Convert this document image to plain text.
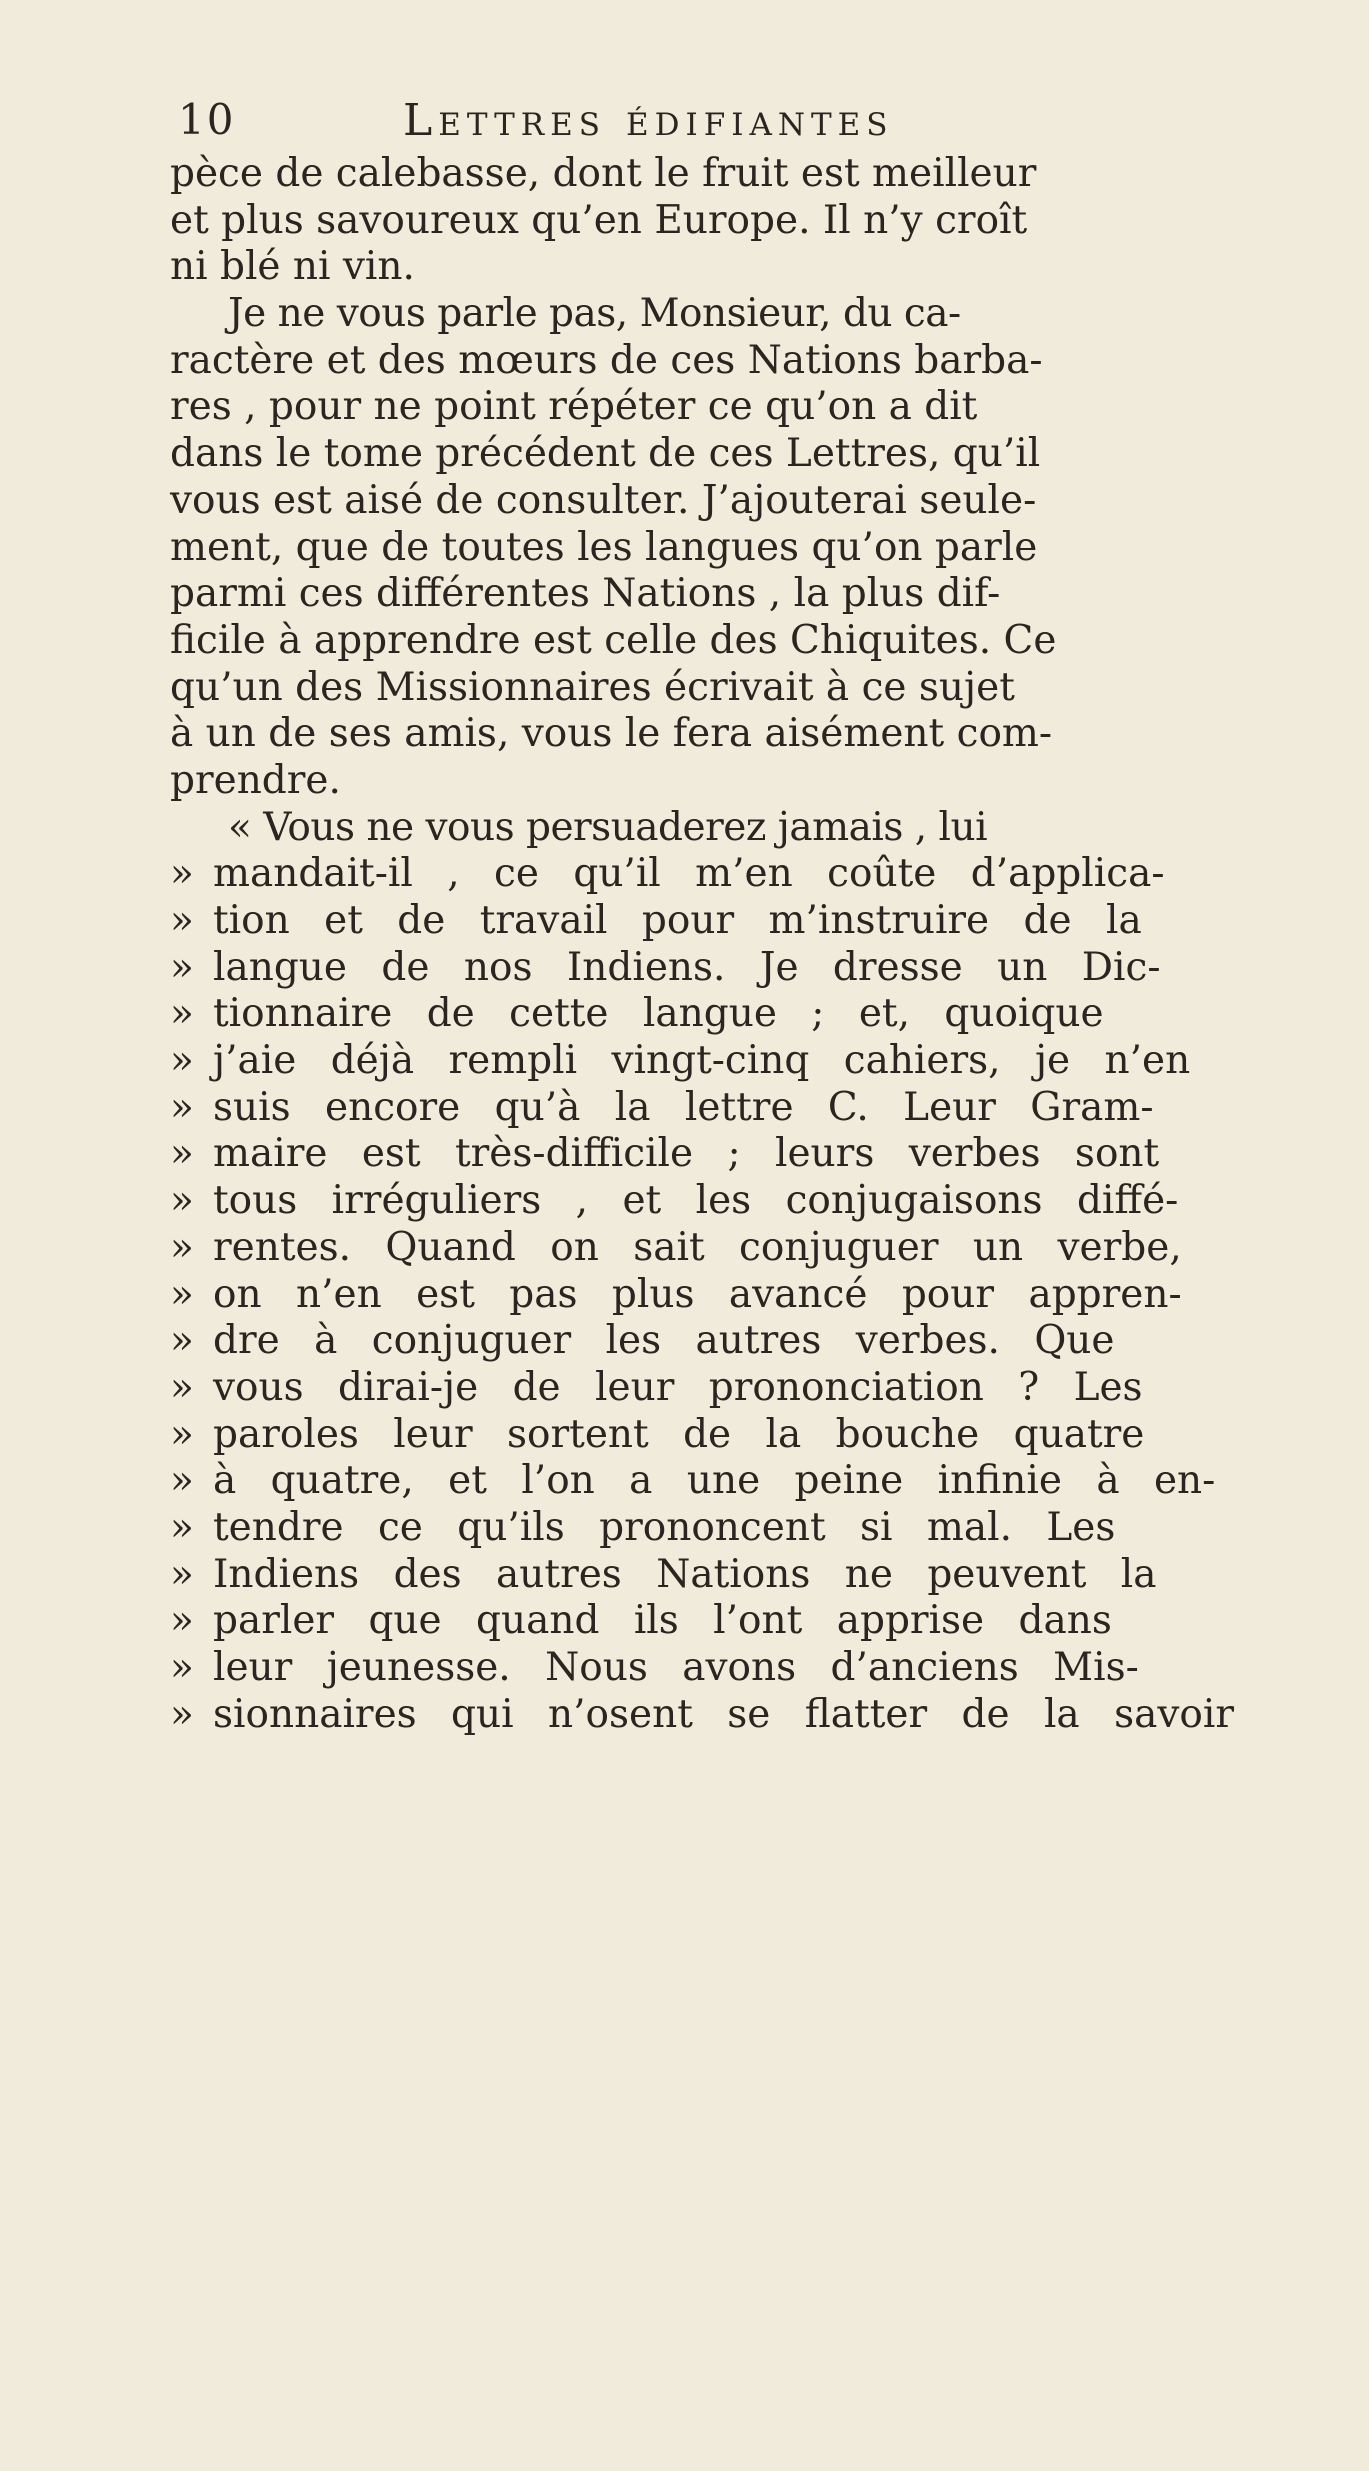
10	Lettres édifiantes
pèce de calebasse, dont le fruit est meilleur
et plus savoureux qu’en Europe. Il n’y croît
ni blé ni vin.
Je ne vous parle pas, Monsieur, du ca-
ractère et des mœurs de ces Nations barba-
res , pour ne point répéter ce qu’on a dit
dans le tome précédent de ces Lettres, qu’il
vous est aisé de consulter. J’ajouterai seule-
ment, que de toutes les langues qu’on parle
parmi ces différentes Nations , la plus dif-
ficile à apprendre est celle des Chiquites. Ce
qu’un des Missionnaires écrivait à ce sujet
à un de ses amis, vous le fera aisément com-
prendre.
« Vous ne vous persuaderez jamais , lui
» mandait-il , ce qu’il m’en coûte d’applica-
» tion et de travail pour m’instruire de la
» langue de nos Indiens. Je dresse un Dic-
» tionnaire de cette langue ; et, quoique
» j’aie déjà rempli vingt-cinq cahiers, je n’en
» suis encore qu’à la lettre C. Leur Gram-
» maire est très-difficile ; leurs verbes sont
» tous irréguliers , et les conjugaisons diffé-
» rentes. Quand on sait conjuguer un verbe,
» on n’en est pas plus avancé pour appren-
» dre à conjuguer les autres verbes. Que
» vous dirai-je de leur prononciation ? Les
» paroles leur sortent de la bouche quatre
» à quatre, et l’on a une peine infinie à en-
» tendre ce qu’ils prononcent si mal. Les
» Indiens des autres Nations ne peuvent la
» parler que quand ils l’ont apprise dans
» leur jeunesse. Nous avons d’anciens Mis-
» sionnaires qui n’osent se flatter de la savoir
